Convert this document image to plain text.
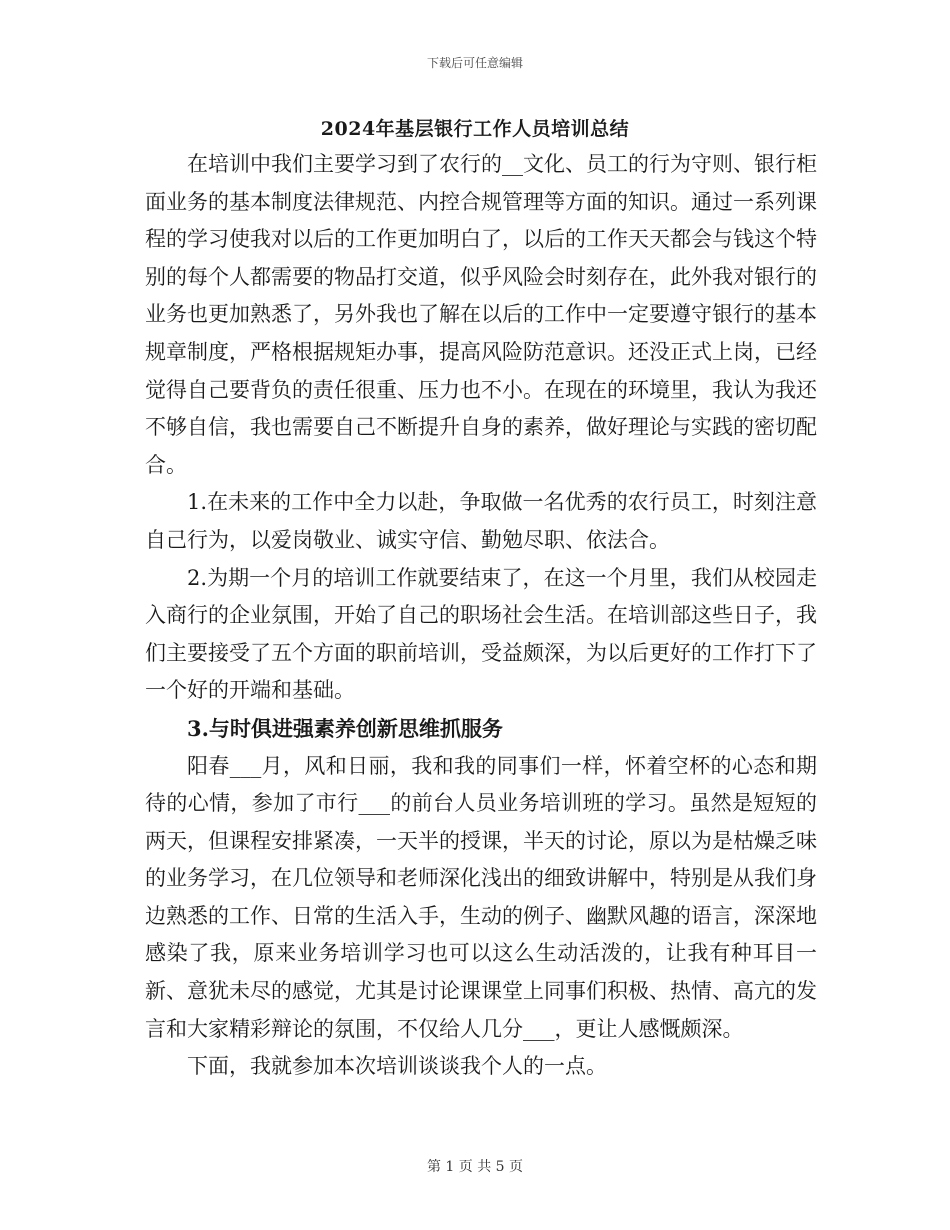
下载后可任意编辑
2024年基层银行工作人员培训总结

在培训中我们主要学习到了农行的__文化、员工的行为守则、银行柜面业务的基本制度法律规范、内控合规管理等方面的知识。通过一系列课程的学习使我对以后的工作更加明白了，以后的工作天天都会与钱这个特别的每个人都需要的物品打交道，似乎风险会时刻存在，此外我对银行的业务也更加熟悉了，另外我也了解在以后的工作中一定要遵守银行的基本规章制度，严格根据规矩办事，提高风险防范意识。还没正式上岗，已经觉得自己要背负的责任很重、压力也不小。在现在的环境里，我认为我还不够自信，我也需要自己不断提升自身的素养，做好理论与实践的密切配合。

1.在未来的工作中全力以赴，争取做一名优秀的农行员工，时刻注意自己行为，以爱岗敬业、诚实守信、勤勉尽职、依法合。

2.为期一个月的培训工作就要结束了，在这一个月里，我们从校园走入商行的企业氛围，开始了自己的职场社会生活。在培训部这些日子，我们主要接受了五个方面的职前培训，受益颇深，为以后更好的工作打下了一个好的开端和基础。

3.与时俱进强素养创新思维抓服务

阳春___月，风和日丽，我和我的同事们一样，怀着空杯的心态和期待的心情，参加了市行___的前台人员业务培训班的学习。虽然是短短的两天，但课程安排紧凑，一天半的授课，半天的讨论，原以为是枯燥乏味的业务学习，在几位领导和老师深化浅出的细致讲解中，特别是从我们身边熟悉的工作、日常的生活入手，生动的例子、幽默风趣的语言，深深地感染了我，原来业务培训学习也可以这么生动活泼的，让我有种耳目一新、意犹未尽的感觉，尤其是讨论课课堂上同事们积极、热情、高亢的发言和大家精彩辩论的氛围，不仅给人几分___，更让人感慨颇深。

下面，我就参加本次培训谈谈我个人的一点。

第 1 页 共 5 页
